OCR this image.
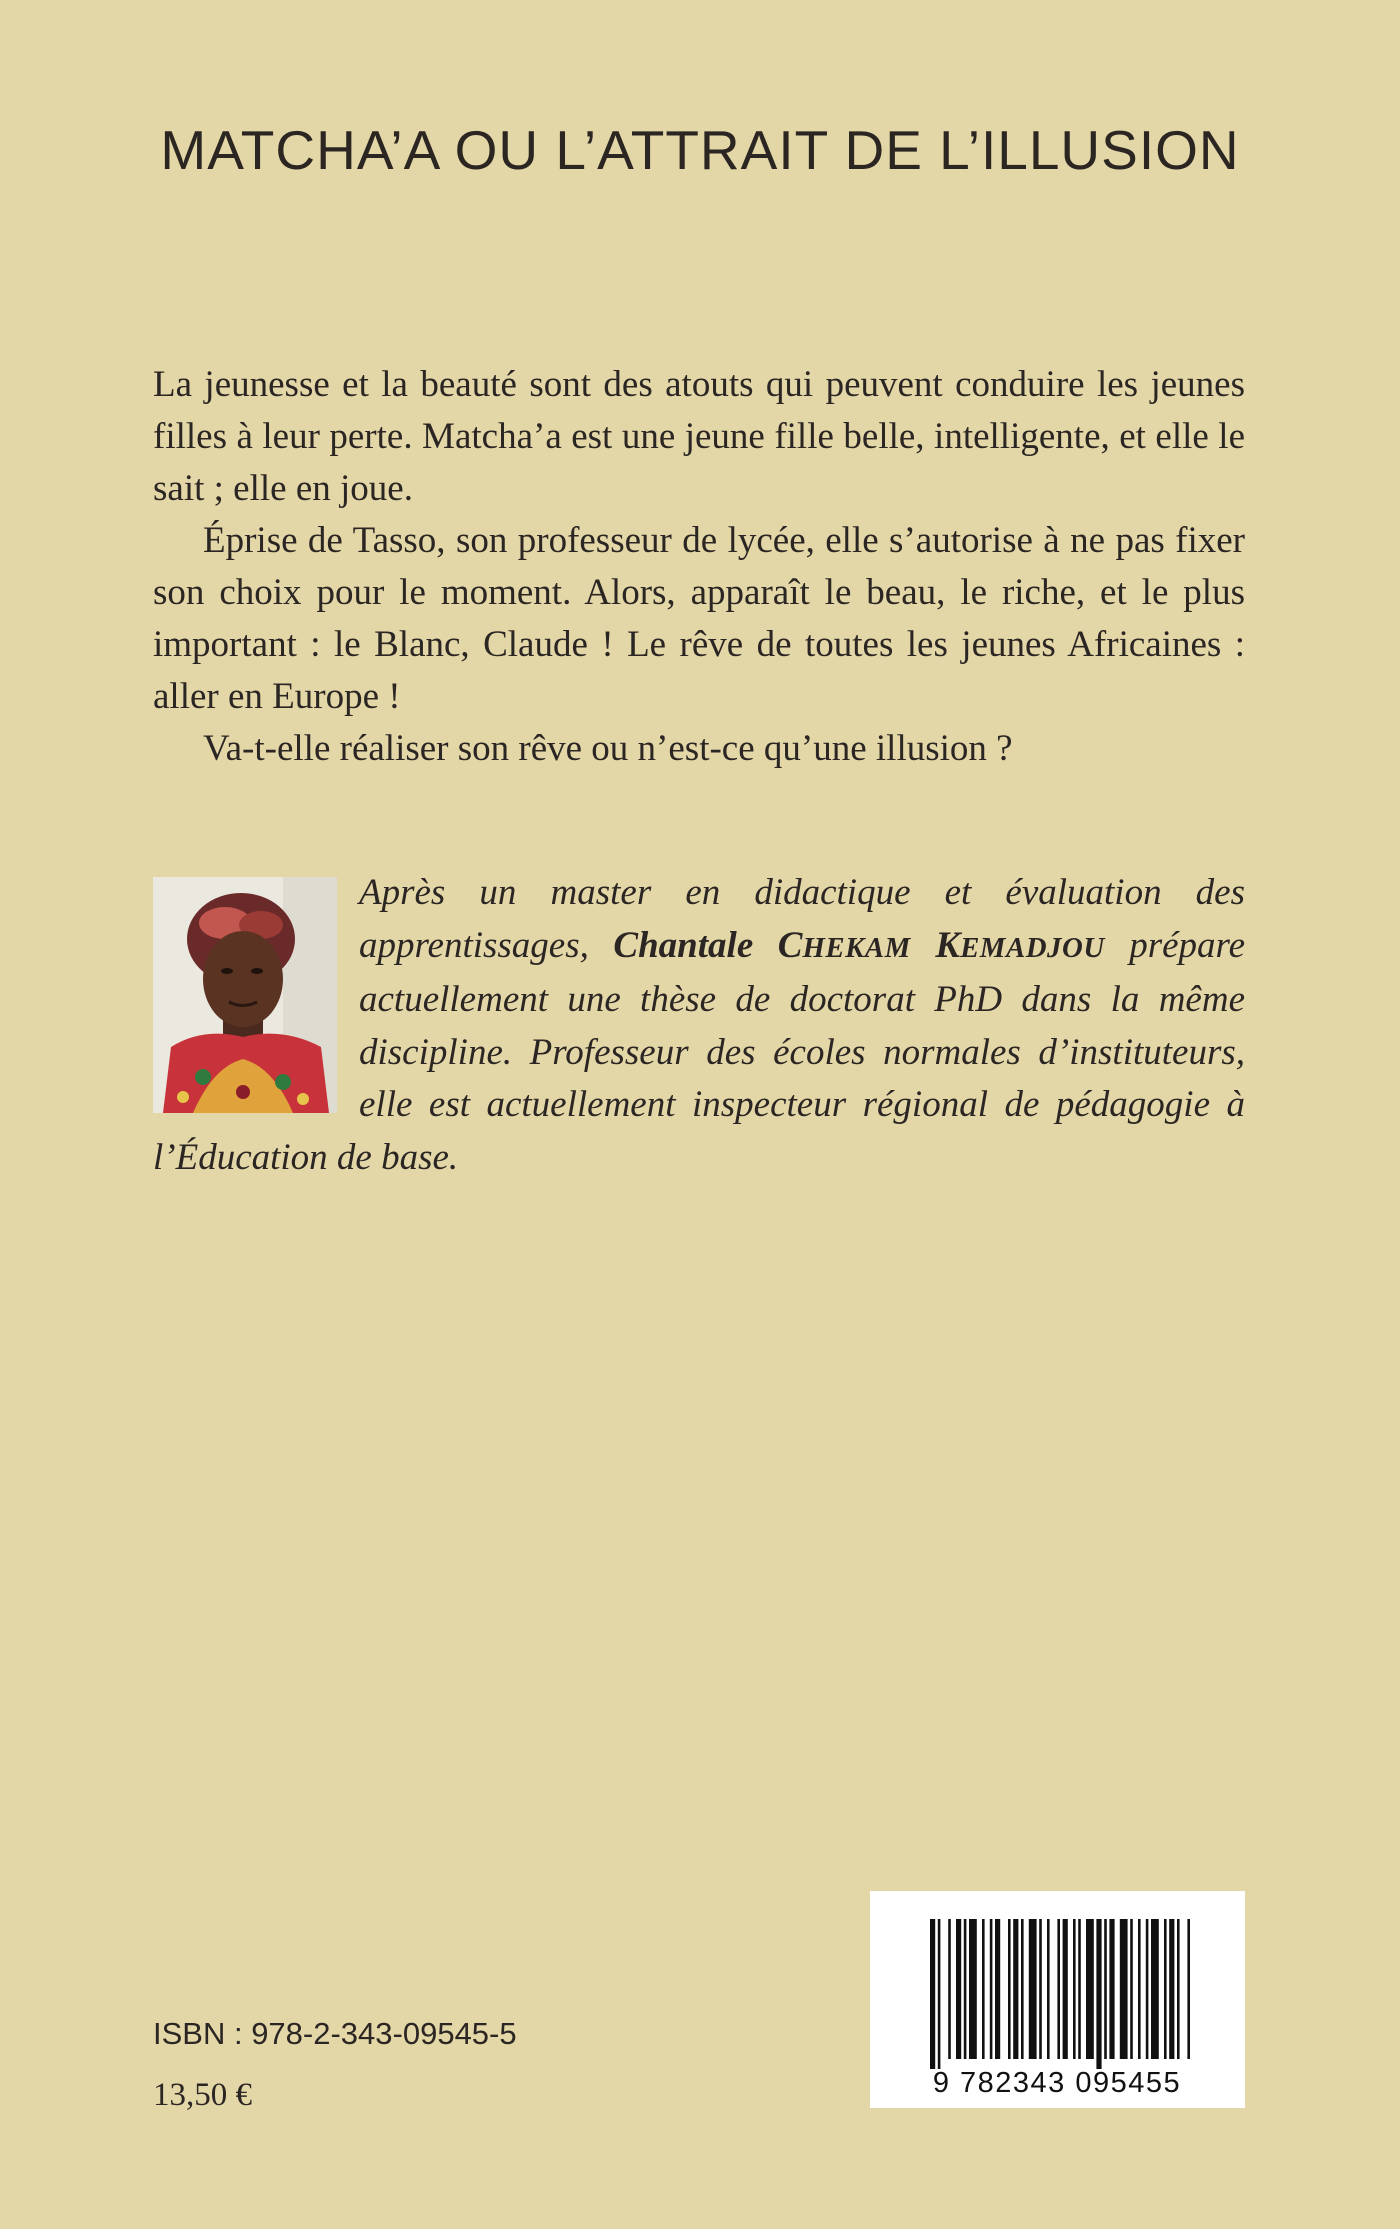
MATCHA’A OU L’ATTRAIT DE L’ILLUSION

La jeunesse et la beauté sont des atouts qui peuvent conduire les jeunes filles à leur perte. Matcha’a est une jeune fille belle, intelligente, et elle le sait ; elle en joue.

Éprise de Tasso, son professeur de lycée, elle s’autorise à ne pas fixer son choix pour le moment. Alors, apparaît le beau, le riche, et le plus important : le Blanc, Claude ! Le rêve de toutes les jeunes Africaines : aller en Europe !

Va-t-elle réaliser son rêve ou n’est-ce qu’une illusion ?

Après un master en didactique et évaluation des apprentissages, Chantale CHEKAM KEMADJOU prépare actuellement une thèse de doctorat PhD dans la même discipline. Professeur des écoles normales d’instituteurs, elle est actuellement inspecteur régional de pédagogie à l’Éducation de base.
9 782343 095455
ISBN : 978-2-343-09545-5
13,50 €
